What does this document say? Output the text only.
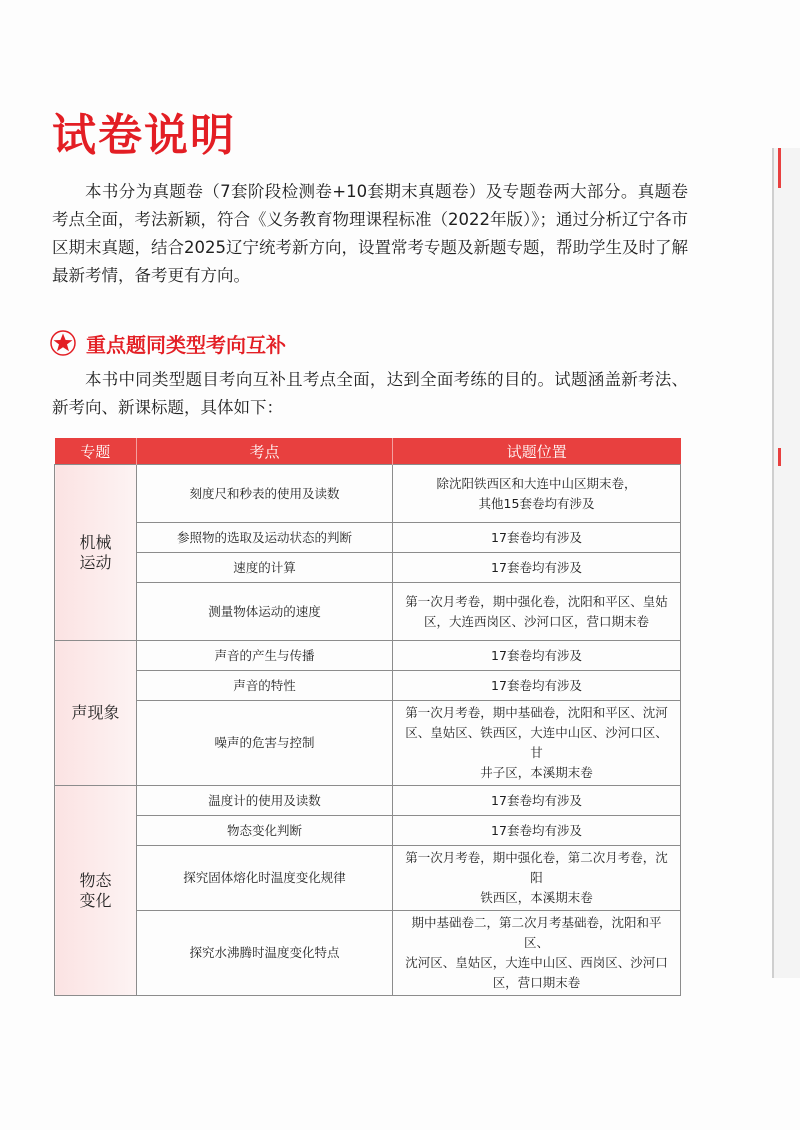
试卷说明

本书分为真题卷（7套阶段检测卷+10套期末真题卷）及专题卷两大部分。真题卷考点全面，考法新颖，符合《义务教育物理课程标准（2022年版）》；通过分析辽宁各市区期末真题，结合2025辽宁统考新方向，设置常考专题及新题专题，帮助学生及时了解最新考情，备考更有方向。

重点题同类型考向互补

本书中同类型题目考向互补且考点全面，达到全面考练的目的。试题涵盖新考法、新考向、新课标题，具体如下：

专题	考点	试题位置
机械
运动	刻度尺和秒表的使用及读数	除沈阳铁西区和大连中山区期末卷，
其他15套卷均有涉及
	参照物的选取及运动状态的判断	17套卷均有涉及
	速度的计算	17套卷均有涉及
	测量物体运动的速度	第一次月考卷，期中强化卷，沈阳和平区、皇姑
区，大连西岗区、沙河口区，营口期末卷
声现象	声音的产生与传播	17套卷均有涉及
	声音的特性	17套卷均有涉及
	噪声的危害与控制	第一次月考卷，期中基础卷，沈阳和平区、沈河
区、皇姑区、铁西区，大连中山区、沙河口区、甘
井子区，本溪期末卷
物态
变化	温度计的使用及读数	17套卷均有涉及
	物态变化判断	17套卷均有涉及
	探究固体熔化时温度变化规律	第一次月考卷，期中强化卷，第二次月考卷，沈阳
铁西区，本溪期末卷
	探究水沸腾时温度变化特点	期中基础卷二，第二次月考基础卷，沈阳和平区、
沈河区、皇姑区，大连中山区、西岗区、沙河口
区，营口期末卷
